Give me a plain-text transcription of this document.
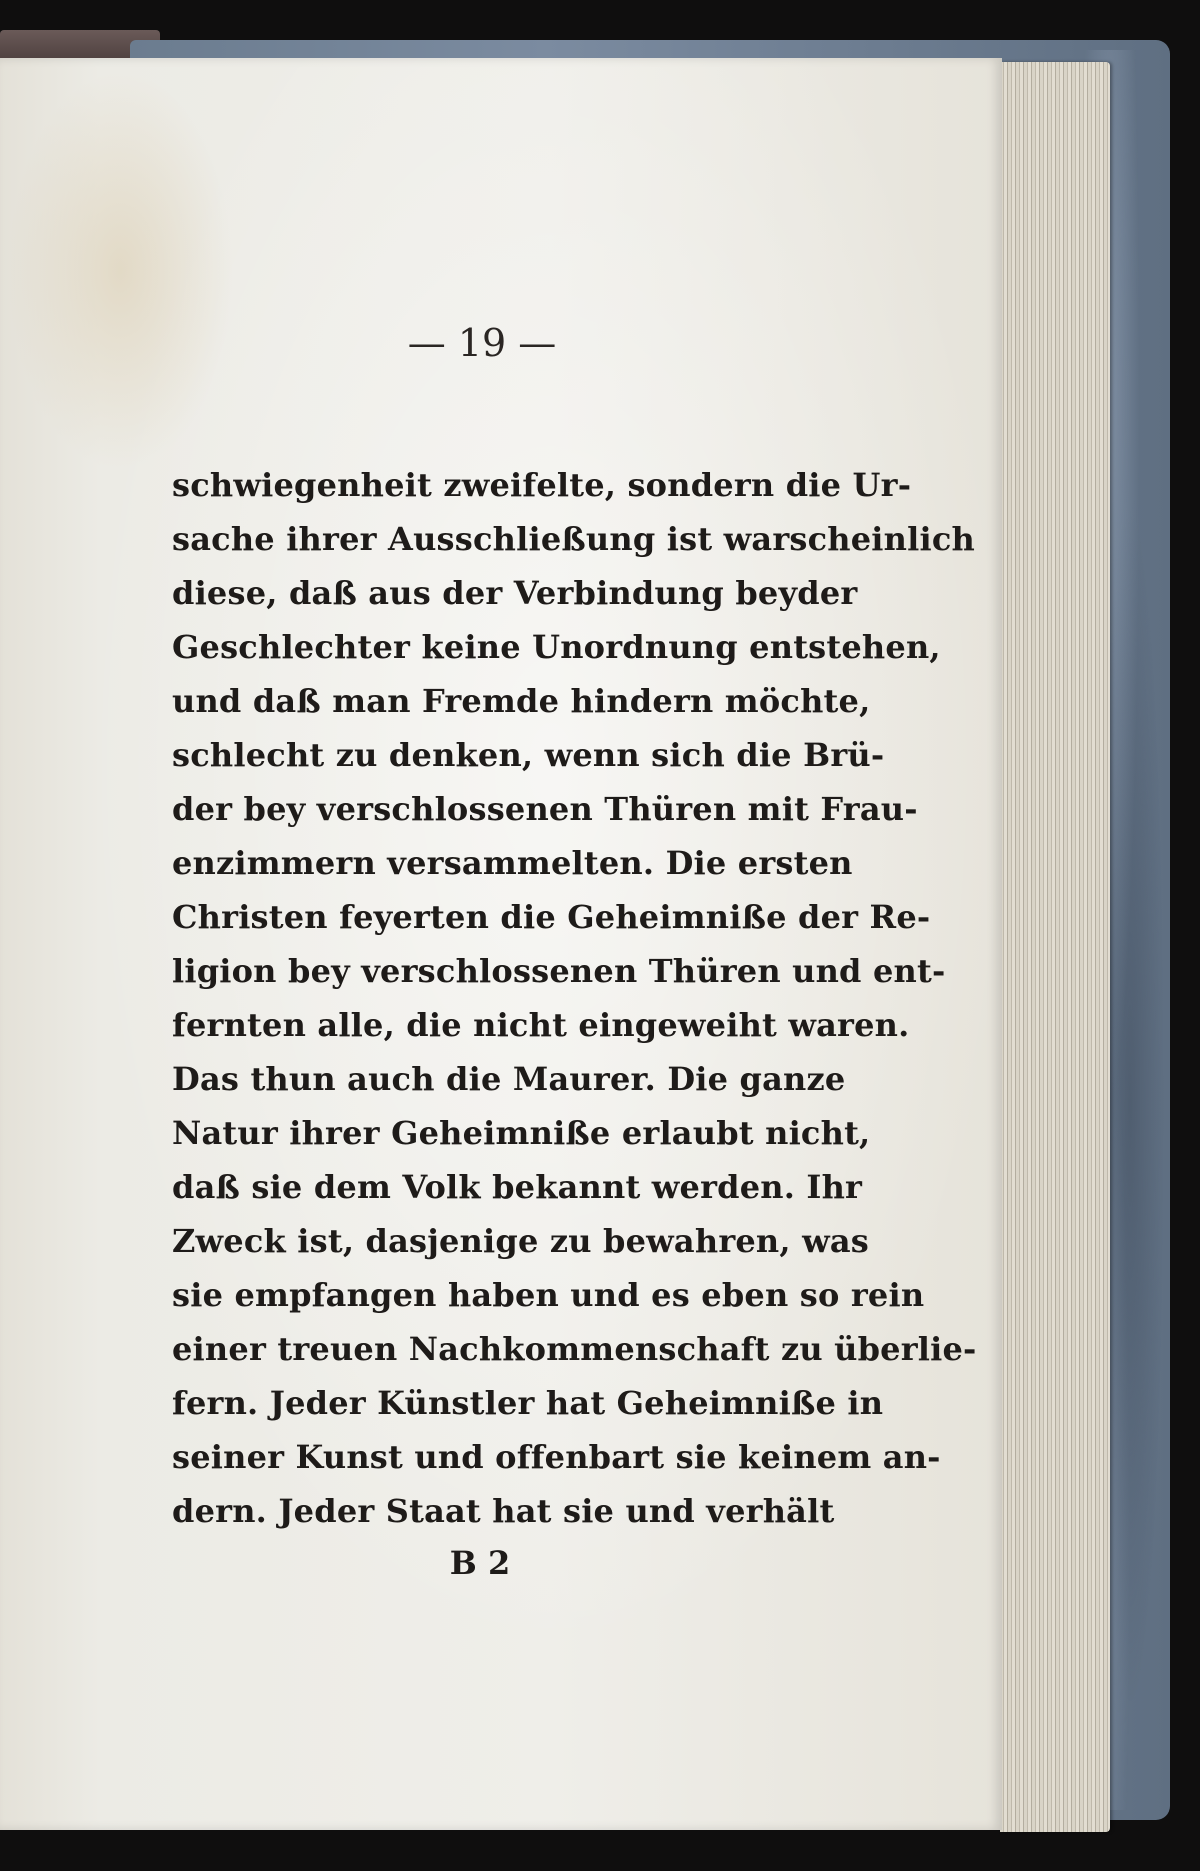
— 19 —
schwiegenheit zweifelte, sondern die Ur-
sache ihrer Ausschließung ist warscheinlich
diese, daß aus der Verbindung beyder
Geschlechter keine Unordnung entstehen,
und daß man Fremde hindern möchte,
schlecht zu denken, wenn sich die Brü-
der bey verschlossenen Thüren mit Frau-
enzimmern versammelten. Die ersten
Christen feyerten die Geheimniße der Re-
ligion bey verschlossenen Thüren und ent-
fernten alle, die nicht eingeweiht waren.
Das thun auch die Maurer. Die ganze
Natur ihrer Geheimniße erlaubt nicht,
daß sie dem Volk bekannt werden. Ihr
Zweck ist, dasjenige zu bewahren, was
sie empfangen haben und es eben so rein
einer treuen Nachkommenschaft zu überlie-
fern. Jeder Künstler hat Geheimniße in
seiner Kunst und offenbart sie keinem an-
dern. Jeder Staat hat sie und verhält
B 2
